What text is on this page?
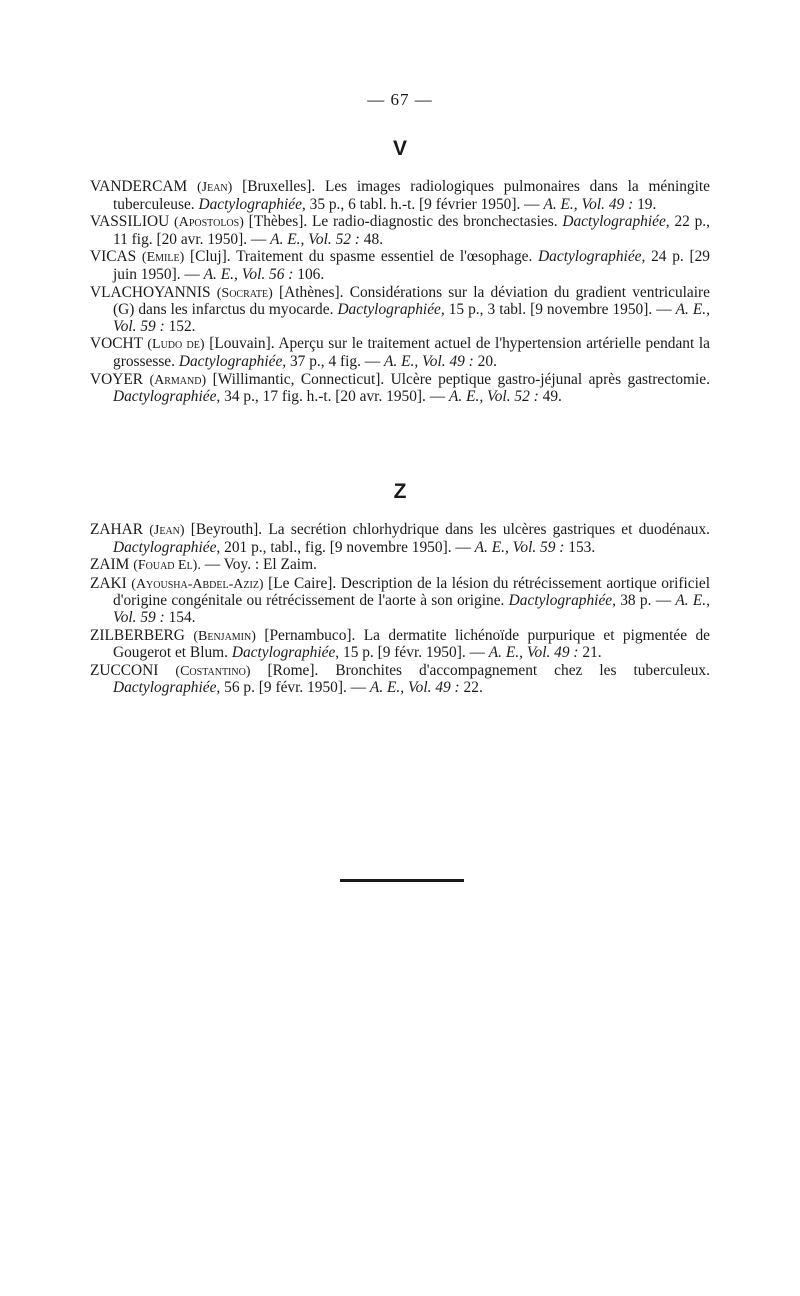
— 67 —
V
VANDERCAM (Jean) [Bruxelles]. Les images radiologiques pulmonaires dans la méningite tuberculeuse. Dactylographiée, 35 p., 6 tabl. h.-t. [9 février 1950]. — A. E., Vol. 49 : 19.
VASSILIOU (Apostolos) [Thèbes]. Le radio-diagnostic des bronchectasies. Dactylographiée, 22 p., 11 fig. [20 avr. 1950]. — A. E., Vol. 52 : 48.
VICAS (Emile) [Cluj]. Traitement du spasme essentiel de l'œsophage. Dactylographiée, 24 p. [29 juin 1950]. — A. E., Vol. 56 : 106.
VLACHOYANNIS (Socrate) [Athènes]. Considérations sur la déviation du gradient ventriculaire (G) dans les infarctus du myocarde. Dactylographiée, 15 p., 3 tabl. [9 novembre 1950]. — A. E., Vol. 59 : 152.
VOCHT (Ludo de) [Louvain]. Aperçu sur le traitement actuel de l'hypertension artérielle pendant la grossesse. Dactylographiée, 37 p., 4 fig. — A. E., Vol. 49 : 20.
VOYER (Armand) [Willimantic, Connecticut]. Ulcère peptique gastro-jéjunal après gastrectomie. Dactylographiée, 34 p., 17 fig. h.-t. [20 avr. 1950]. — A. E., Vol. 52 : 49.
Z
ZAHAR (Jean) [Beyrouth]. La secrétion chlorhydrique dans les ulcères gastriques et duodénaux. Dactylographiée, 201 p., tabl., fig. [9 novembre 1950]. — A. E., Vol. 59 : 153.
ZAIM (Fouad El). — Voy. : El Zaim.
ZAKI (Ayousha-Abdel-Aziz) [Le Caire]. Description de la lésion du rétrécissement aortique orificiel d'origine congénitale ou rétrécissement de l'aorte à son origine. Dactylographiée, 38 p. — A. E., Vol. 59 : 154.
ZILBERBERG (Benjamin) [Pernambuco]. La dermatite lichénoïde purpurique et pigmentée de Gougerot et Blum. Dactylographiée, 15 p. [9 févr. 1950]. — A. E., Vol. 49 : 21.
ZUCCONI (Costantino) [Rome]. Bronchites d'accompagnement chez les tuberculeux. Dactylographiée, 56 p. [9 févr. 1950]. — A. E., Vol. 49 : 22.
